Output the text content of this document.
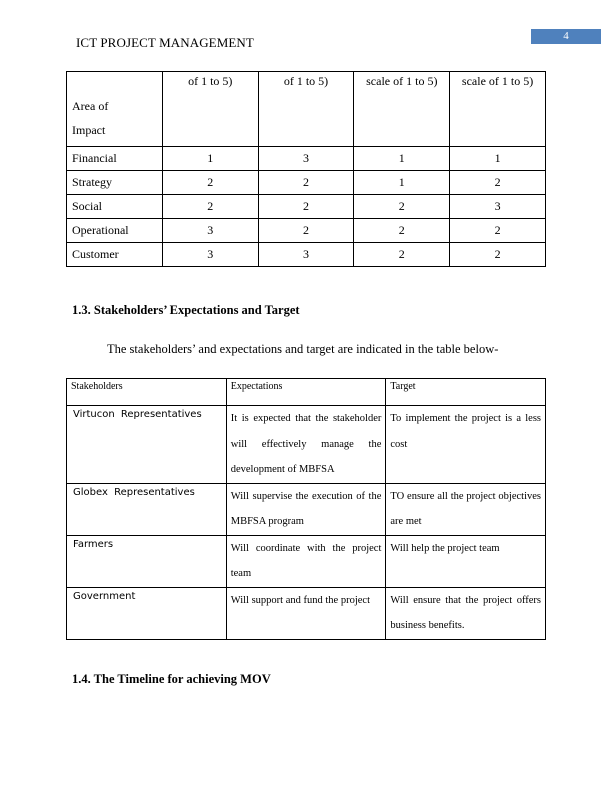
ICT PROJECT MANAGEMENT	4
Area of
Impact	of 1 to 5)	of 1 to 5)	scale of 1 to 5)	scale of 1 to 5)
Financial	1	3	1	1
Strategy	2	2	1	2
Social	2	2	2	3
Operational	3	2	2	2
Customer	3	3	2	2
1.3. Stakeholders’ Expectations and Target
The stakeholders’ and expectations and target are indicated in the table below-
Stakeholders	Expectations	Target
Virtucon Representatives	It is expected that the stakeholder will effectively manage the development of MBFSA	To implement the project is a less cost
Globex Representatives	Will supervise the execution of the MBFSA program	TO ensure all the project objectives are met
Farmers	Will coordinate with the project team	Will help the project team
Government	Will support and fund the project	Will ensure that the project offers business benefits.
1.4. The Timeline for achieving MOV
